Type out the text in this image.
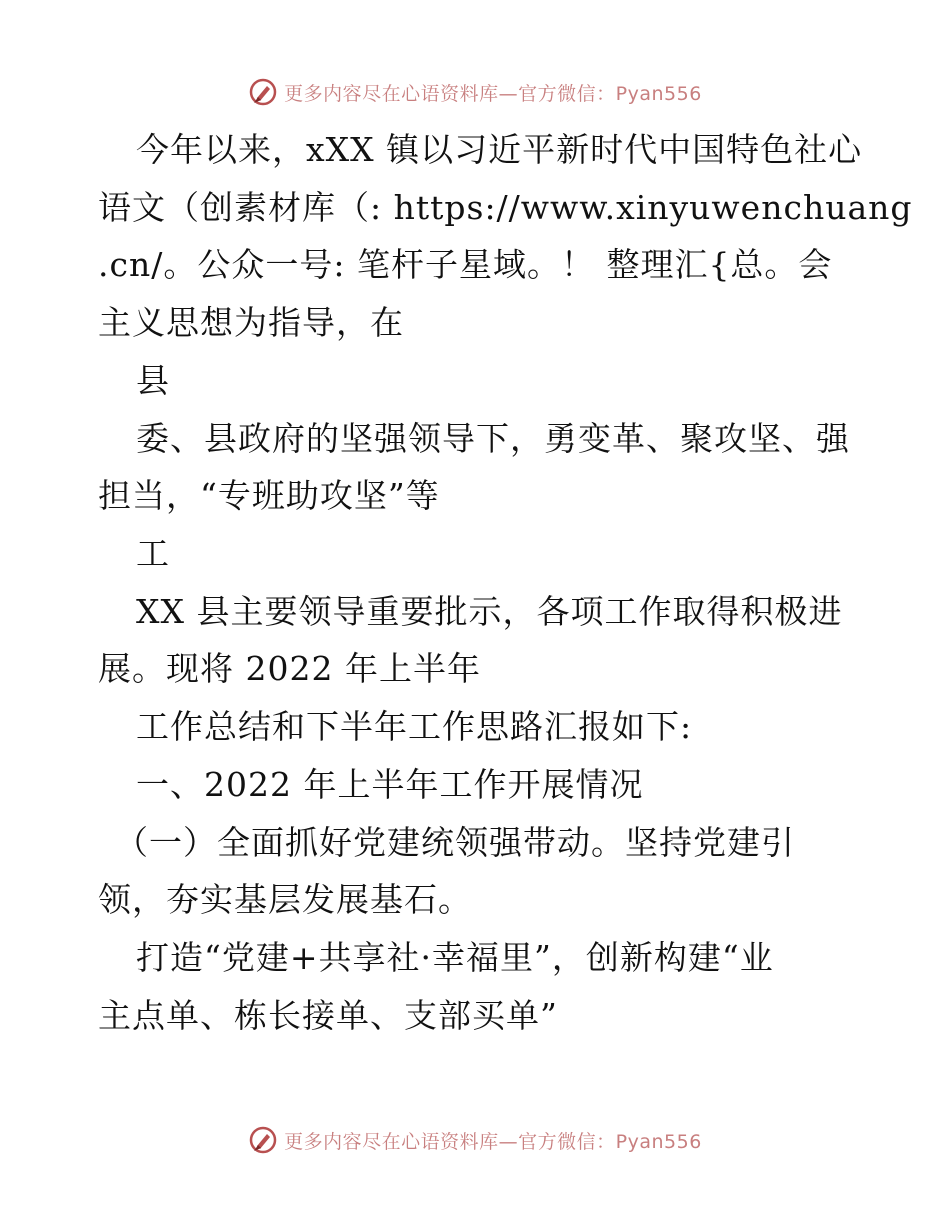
更多内容尽在心语资料库—官方微信：Pyan556
今年以来，xXX 镇以习近平新时代中国特色社心
语文（创素材库（: https://www.xinyuwenchuang
.cn/。公众一号: 笔杆子星域。！ 整理汇{总。会
主义思想为指导，在
县
委、县政府的坚强领导下，勇变革、聚攻坚、强
担当，“专班助攻坚”等
工
XX 县主要领导重要批示，各项工作取得积极进
展。现将 2022 年上半年
工作总结和下半年工作思路汇报如下:
一、2022 年上半年工作开展情况
（一）全面抓好党建统领强带动。坚持党建引
领，夯实基层发展基石。
打造“党建+共享社·幸福里”，创新构建“业
主点单、栋长接单、支部买单”
更多内容尽在心语资料库—官方微信：Pyan556
